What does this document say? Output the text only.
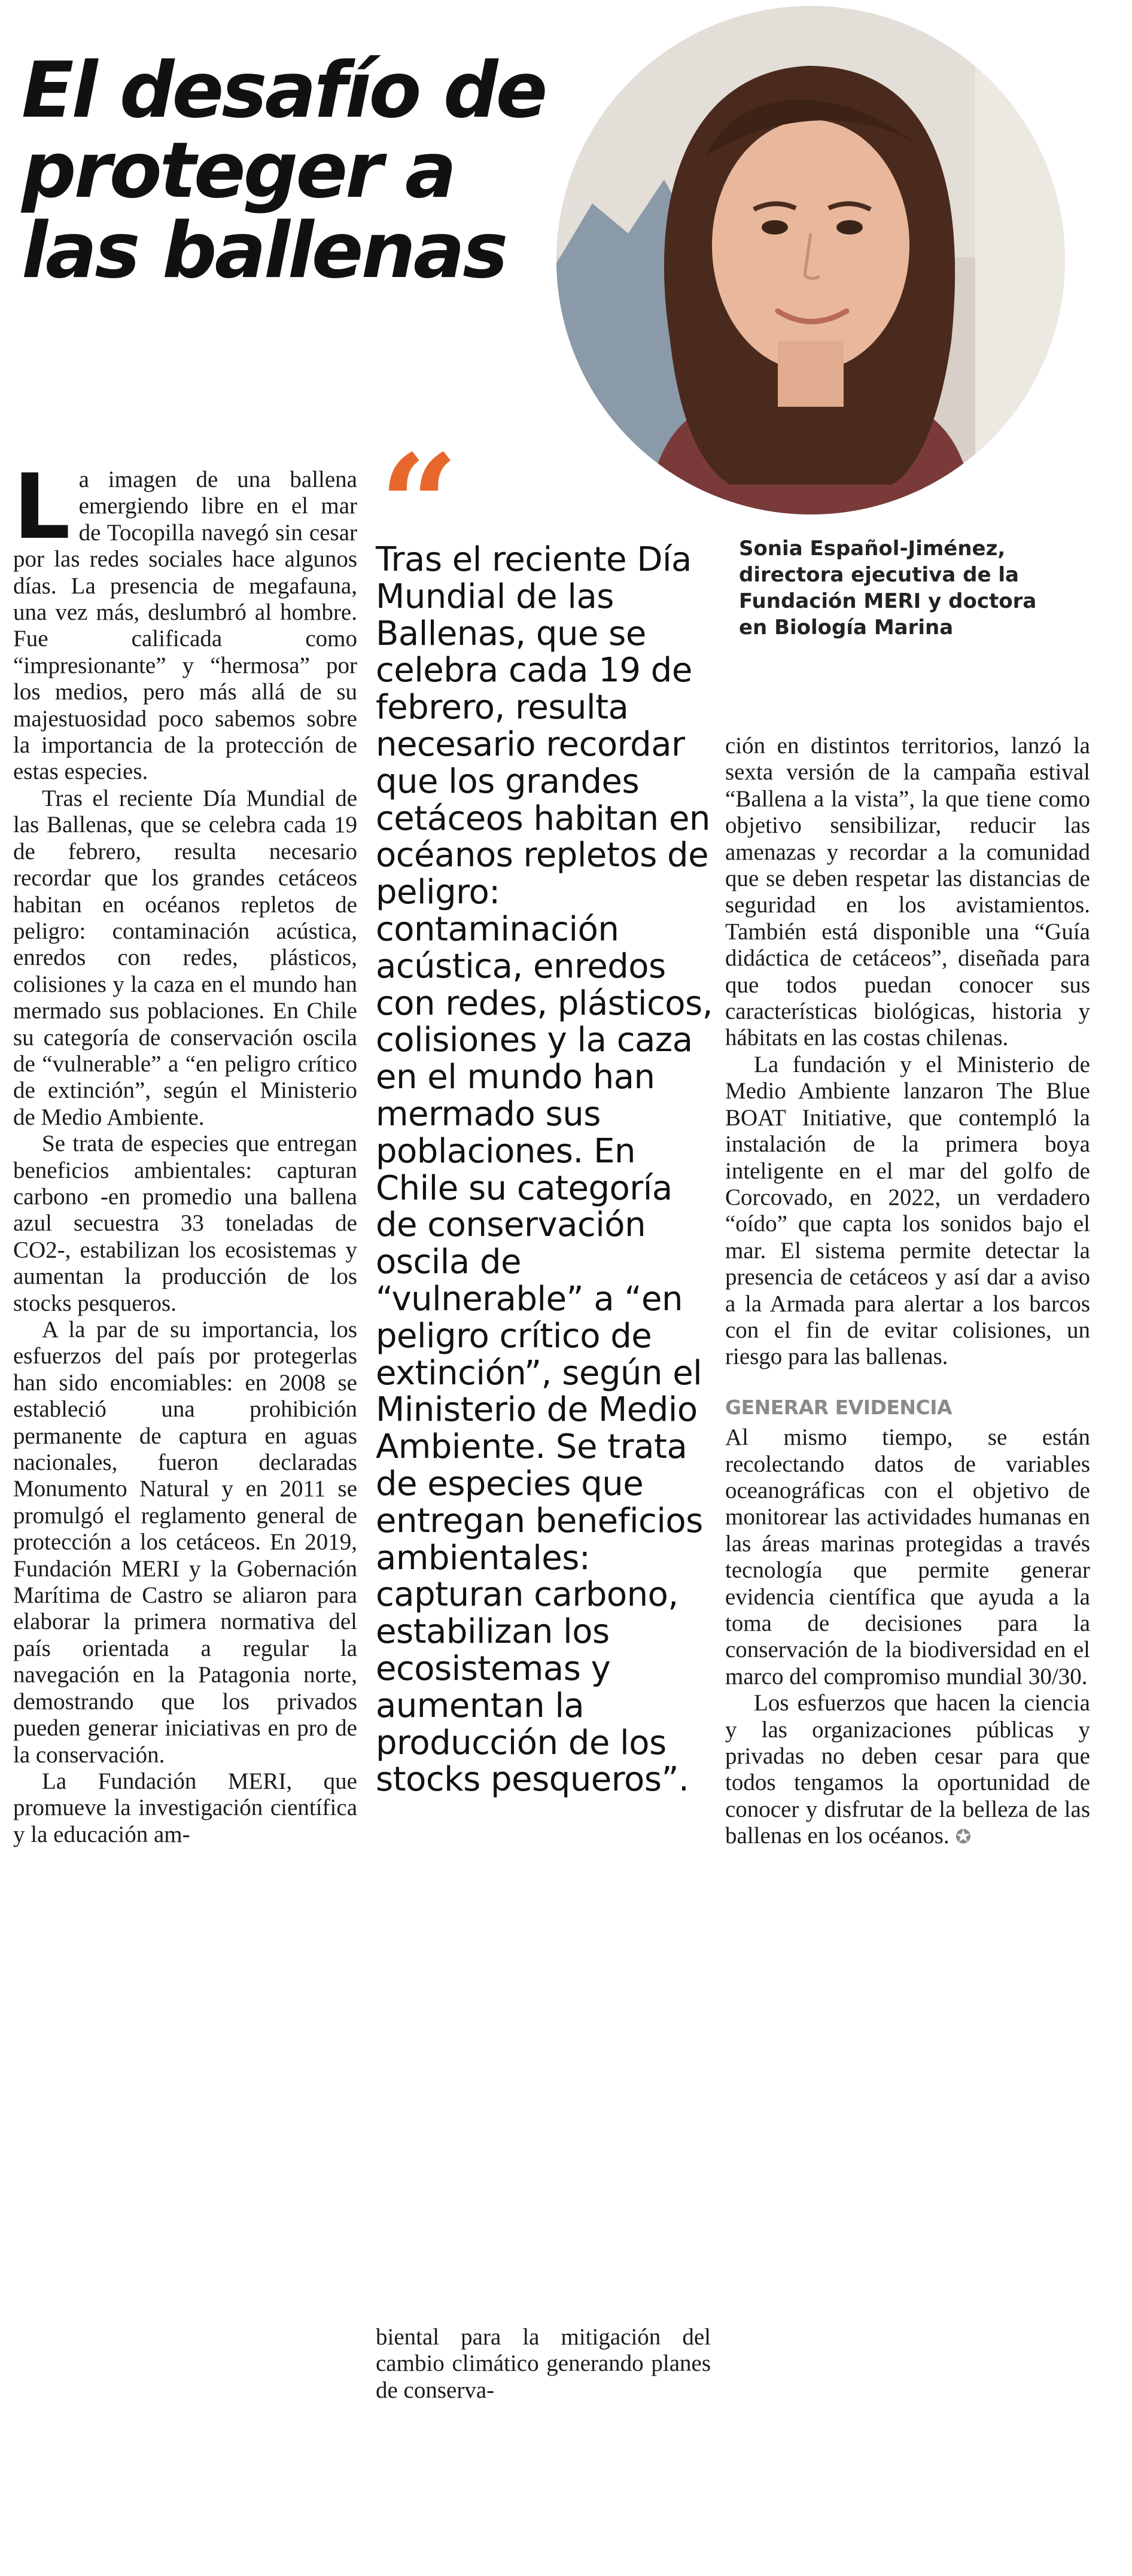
El desafío de
proteger a
las ballenas

Sonia Español-Jiménez,
directora ejecutiva de la
Fundación MERI y doctora
en Biología Marina

La imagen de una ballena emergiendo libre en el mar de Tocopilla navegó sin cesar por las redes sociales hace algunos días. La presencia de megafauna, una vez más, deslumbró al hombre. Fue calificada como “impresionante” y “hermosa” por los medios, pero más allá de su majestuosidad poco sabemos sobre la importancia de la protección de estas especies.

Tras el reciente Día Mundial de las Ballenas, que se celebra cada 19 de febrero, resulta necesario recordar que los grandes cetáceos habitan en océanos repletos de peligro: contaminación acústica, enredos con redes, plásticos, colisiones y la caza en el mundo han mermado sus poblaciones. En Chile su categoría de conservación oscila de “vulnerable” a “en peligro crítico de extinción”, según el Ministerio de Medio Ambiente.

Se trata de especies que entregan beneficios ambientales: capturan carbono -en promedio una ballena azul secuestra 33 toneladas de CO2-, estabilizan los ecosistemas y aumentan la producción de los stocks pesqueros.

A la par de su importancia, los esfuerzos del país por protegerlas han sido encomiables: en 2008 se estableció una prohibición permanente de captura en aguas nacionales, fueron declaradas Monumento Natural y en 2011 se promulgó el reglamento general de protección a los cetáceos. En 2019, Fundación MERI y la Gobernación Marítima de Castro se aliaron para elaborar la primera normativa del país orientada a regular la navegación en la Patagonia norte, demostrando que los privados pueden generar iniciativas en pro de la conservación.

La Fundación MERI, que promueve la investigación científica y la educación am-

“

Tras el reciente Día Mundial de las Ballenas, que se celebra cada 19 de febrero, resulta necesario recordar que los grandes cetáceos habitan en océanos repletos de peligro: contaminación acústica, enredos con redes, plásticos, colisiones y la caza en el mundo han mermado sus poblaciones. En Chile su categoría de conservación oscila de “vulnerable” a “en peligro crítico de extinción”, según el Ministerio de Medio Ambiente. Se trata de especies que entregan beneficios ambientales: capturan carbono, estabilizan los ecosistemas y aumentan la producción de los stocks pesqueros”.

biental para la mitigación del cambio climático generando planes de conserva-

ción en distintos territorios, lanzó la sexta versión de la campaña estival “Ballena a la vista”, la que tiene como objetivo sensibilizar, reducir las amenazas y recordar a la comunidad que se deben respetar las distancias de seguridad en los avistamientos. También está disponible una “Guía didáctica de cetáceos”, diseñada para que todos puedan conocer sus características biológicas, historia y hábitats en las costas chilenas.

La fundación y el Ministerio de Medio Ambiente lanzaron The Blue BOAT Initiative, que contempló la instalación de la primera boya inteligente en el mar del golfo de Corcovado, en 2022, un verdadero “oído” que capta los sonidos bajo el mar. El sistema permite detectar la presencia de cetáceos y así dar a aviso a la Armada para alertar a los barcos con el fin de evitar colisiones, un riesgo para las ballenas.

GENERAR EVIDENCIA

Al mismo tiempo, se están recolectando datos de variables oceanográficas con el objetivo de monitorear las actividades humanas en las áreas marinas protegidas a través tecnología que permite generar evidencia científica que ayuda a la toma de decisiones para la conservación de la biodiversidad en el marco del compromiso mundial 30/30.

Los esfuerzos que hacen la ciencia y las organizaciones públicas y privadas no deben cesar para que todos tengamos la oportunidad de conocer y disfrutar de la belleza de las ballenas en los océanos. ✪
